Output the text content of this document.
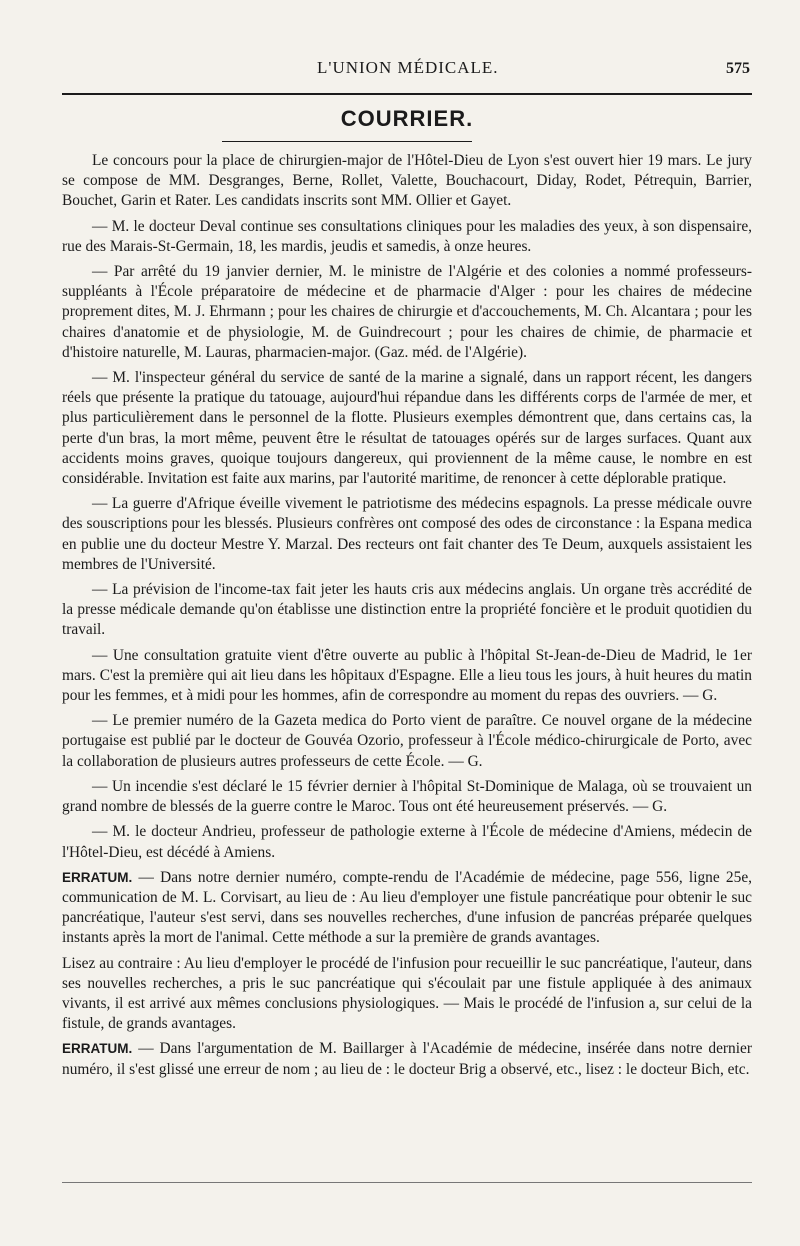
L'UNION MÉDICALE.	575
COURRIER.

Le concours pour la place de chirurgien-major de l'Hôtel-Dieu de Lyon s'est ouvert hier 19 mars. Le jury se compose de MM. Desgranges, Berne, Rollet, Valette, Bouchacourt, Diday, Rodet, Pétrequin, Barrier, Bouchet, Garin et Rater. Les candidats inscrits sont MM. Ollier et Gayet.

— M. le docteur Deval continue ses consultations cliniques pour les maladies des yeux, à son dispensaire, rue des Marais-St-Germain, 18, les mardis, jeudis et samedis, à onze heures.

— Par arrêté du 19 janvier dernier, M. le ministre de l'Algérie et des colonies a nommé professeurs-suppléants à l'École préparatoire de médecine et de pharmacie d'Alger : pour les chaires de médecine proprement dites, M. J. Ehrmann ; pour les chaires de chirurgie et d'accouchements, M. Ch. Alcantara ; pour les chaires d'anatomie et de physiologie, M. de Guindrecourt ; pour les chaires de chimie, de pharmacie et d'histoire naturelle, M. Lauras, pharmacien-major. (Gaz. méd. de l'Algérie).

— M. l'inspecteur général du service de santé de la marine a signalé, dans un rapport récent, les dangers réels que présente la pratique du tatouage, aujourd'hui répandue dans les différents corps de l'armée de mer, et plus particulièrement dans le personnel de la flotte. Plusieurs exemples démontrent que, dans certains cas, la perte d'un bras, la mort même, peuvent être le résultat de tatouages opérés sur de larges surfaces. Quant aux accidents moins graves, quoique toujours dangereux, qui proviennent de la même cause, le nombre en est considérable. Invitation est faite aux marins, par l'autorité maritime, de renoncer à cette déplorable pratique.

— La guerre d'Afrique éveille vivement le patriotisme des médecins espagnols. La presse médicale ouvre des souscriptions pour les blessés. Plusieurs confrères ont composé des odes de circonstance : la Espana medica en publie une du docteur Mestre Y. Marzal. Des recteurs ont fait chanter des Te Deum, auxquels assistaient les membres de l'Université.

— La prévision de l'income-tax fait jeter les hauts cris aux médecins anglais. Un organe très accrédité de la presse médicale demande qu'on établisse une distinction entre la propriété foncière et le produit quotidien du travail.

— Une consultation gratuite vient d'être ouverte au public à l'hôpital St-Jean-de-Dieu de Madrid, le 1er mars. C'est la première qui ait lieu dans les hôpitaux d'Espagne. Elle a lieu tous les jours, à huit heures du matin pour les femmes, et à midi pour les hommes, afin de correspondre au moment du repas des ouvriers. — G.

— Le premier numéro de la Gazeta medica do Porto vient de paraître. Ce nouvel organe de la médecine portugaise est publié par le docteur de Gouvéa Ozorio, professeur à l'École médico-chirurgicale de Porto, avec la collaboration de plusieurs autres professeurs de cette École. — G.

— Un incendie s'est déclaré le 15 février dernier à l'hôpital St-Dominique de Malaga, où se trouvaient un grand nombre de blessés de la guerre contre le Maroc. Tous ont été heureusement préservés. — G.

— M. le docteur Andrieu, professeur de pathologie externe à l'École de médecine d'Amiens, médecin de l'Hôtel-Dieu, est décédé à Amiens.

ERRATUM. — Dans notre dernier numéro, compte-rendu de l'Académie de médecine, page 556, ligne 25e, communication de M. L. Corvisart, au lieu de : Au lieu d'employer une fistule pancréatique pour obtenir le suc pancréatique, l'auteur s'est servi, dans ses nouvelles recherches, d'une infusion de pancréas préparée quelques instants après la mort de l'animal. Cette méthode a sur la première de grands avantages.

Lisez au contraire : Au lieu d'employer le procédé de l'infusion pour recueillir le suc pancréatique, l'auteur, dans ses nouvelles recherches, a pris le suc pancréatique qui s'écoulait par une fistule appliquée à des animaux vivants, il est arrivé aux mêmes conclusions physiologiques. — Mais le procédé de l'infusion a, sur celui de la fistule, de grands avantages.

ERRATUM. — Dans l'argumentation de M. Baillarger à l'Académie de médecine, insérée dans notre dernier numéro, il s'est glissé une erreur de nom ; au lieu de : le docteur Brig a observé, etc., lisez : le docteur Bich, etc.
